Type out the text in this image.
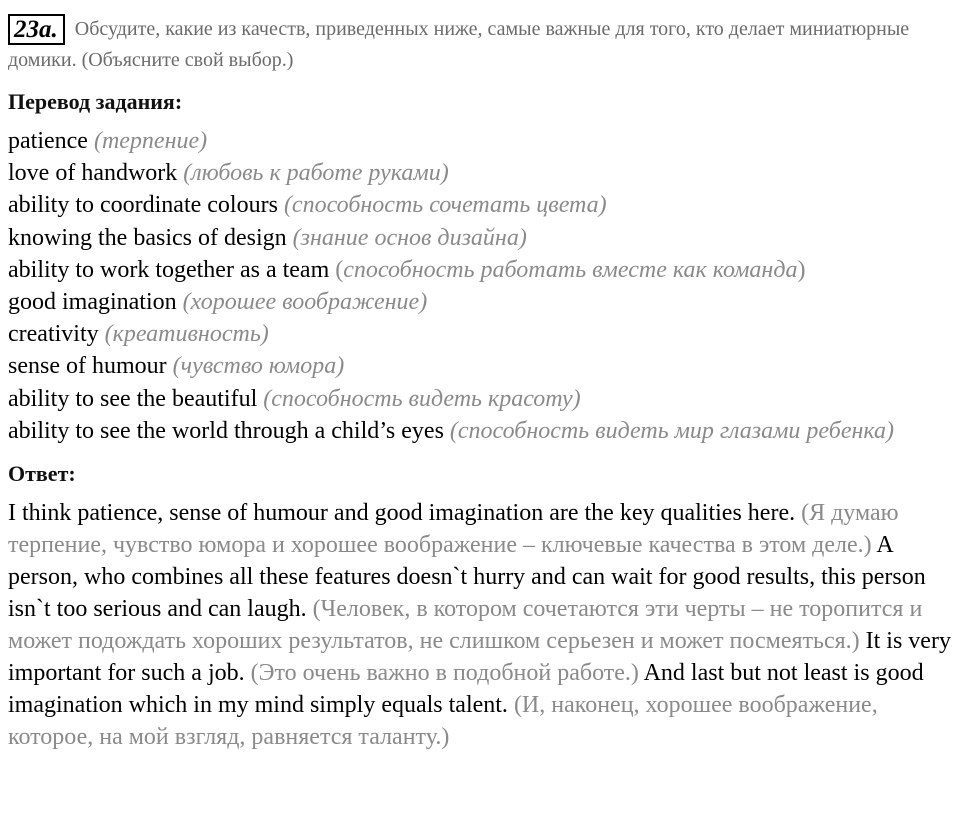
23a. Обсудите, какие из качеств, приведенных ниже, самые важные для того, кто делает миниатюрные домики. (Объясните свой выбор.)

Перевод задания:
patience (терпение)
love of handwork (любовь к работе руками)
ability to coordinate colours (способность сочетать цвета)
knowing the basics of design (знание основ дизайна)
ability to work together as a team (способность работать вместе как команда)
good imagination (хорошее воображение)
creativity (креативность)
sense of humour (чувство юмора)
ability to see the beautiful (способность видеть красоту)
ability to see the world through a child’s eyes (способность видеть мир глазами ребенка)
Ответ:

I think patience, sense of humour and good imagination are the key qualities here. (Я думаю терпение, чувство юмора и хорошее воображение – ключевые качества в этом деле.) A person, who combines all these features doesn`t hurry and can wait for good results, this person isn`t too serious and can laugh. (Человек, в котором сочетаются эти черты – не торопится и может подождать хороших результатов, не слишком серьезен и может посмеяться.) It is very important for such a job. (Это очень важно в подобной работе.) And last but not least is good imagination which in my mind simply equals talent. (И, наконец, хорошее воображение, которое, на мой взгляд, равняется таланту.)
